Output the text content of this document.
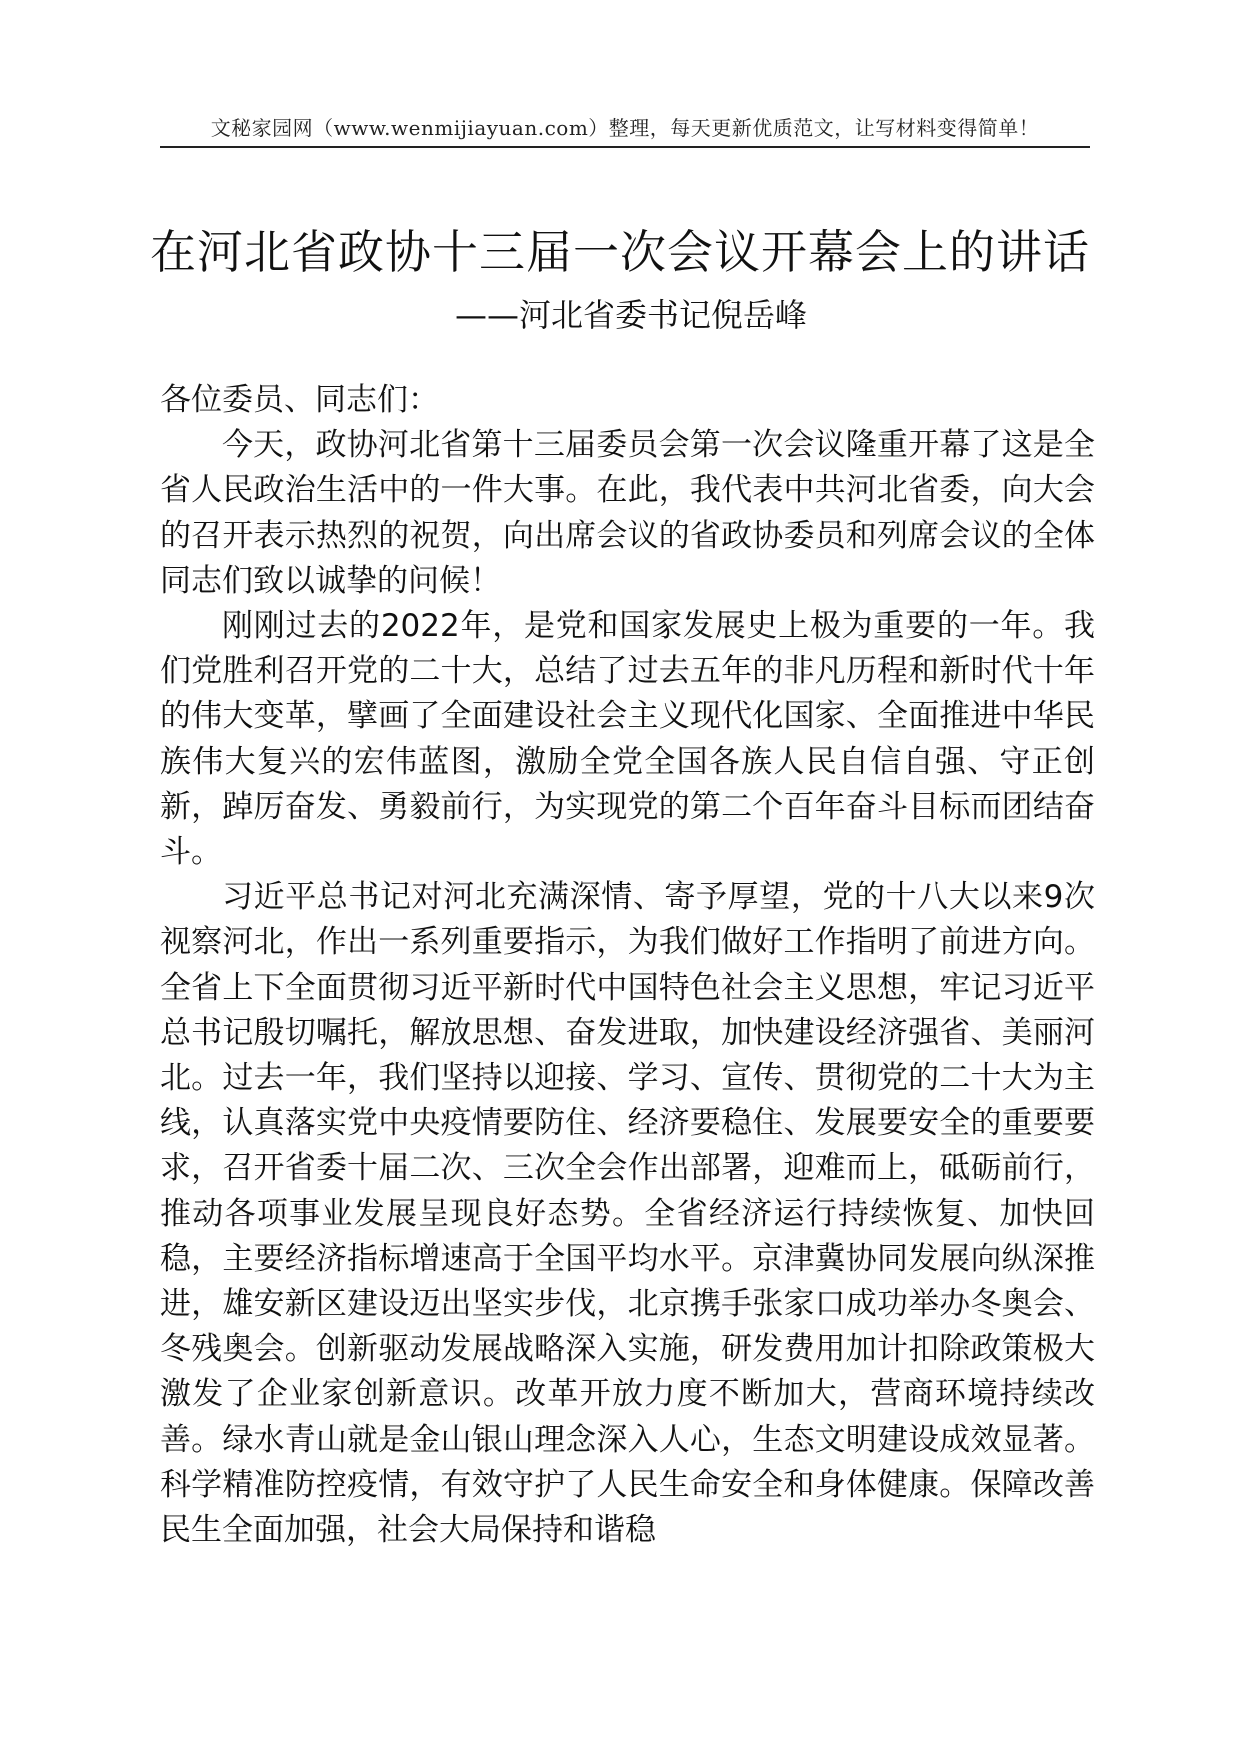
文秘家园网（www.wenmijiayuan.com）整理，每天更新优质范文，让写材料变得简单！
在河北省政协十三届一次会议开幕会上的讲话
——河北省委书记倪岳峰

各位委员、同志们：

今天，政协河北省第十三届委员会第一次会议隆重开幕了这是全省人民政治生活中的一件大事。在此，我代表中共河北省委，向大会的召开表示热烈的祝贺，向出席会议的省政协委员和列席会议的全体同志们致以诚挚的问候！

刚刚过去的2022年，是党和国家发展史上极为重要的一年。我们党胜利召开党的二十大，总结了过去五年的非凡历程和新时代十年的伟大变革，擘画了全面建设社会主义现代化国家、全面推进中华民族伟大复兴的宏伟蓝图，激励全党全国各族人民自信自强、守正创新，踔厉奋发、勇毅前行，为实现党的第二个百年奋斗目标而团结奋斗。

习近平总书记对河北充满深情、寄予厚望，党的十八大以来9次视察河北，作出一系列重要指示，为我们做好工作指明了前进方向。全省上下全面贯彻习近平新时代中国特色社会主义思想，牢记习近平总书记殷切嘱托，解放思想、奋发进取，加快建设经济强省、美丽河北。过去一年，我们坚持以迎接、学习、宣传、贯彻党的二十大为主线，认真落实党中央疫情要防住、经济要稳住、发展要安全的重要要求，召开省委十届二次、三次全会作出部署，迎难而上，砥砺前行，推动各项事业发展呈现良好态势。全省经济运行持续恢复、加快回稳，主要经济指标增速高于全国平均水平。京津冀协同发展向纵深推进，雄安新区建设迈出坚实步伐，北京携手张家口成功举办冬奥会、冬残奥会。创新驱动发展战略深入实施，研发费用加计扣除政策极大激发了企业家创新意识。改革开放力度不断加大，营商环境持续改善。绿水青山就是金山银山理念深入人心，生态文明建设成效显著。科学精准防控疫情，有效守护了人民生命安全和身体健康。保障改善民生全面加强，社会大局保持和谐稳
